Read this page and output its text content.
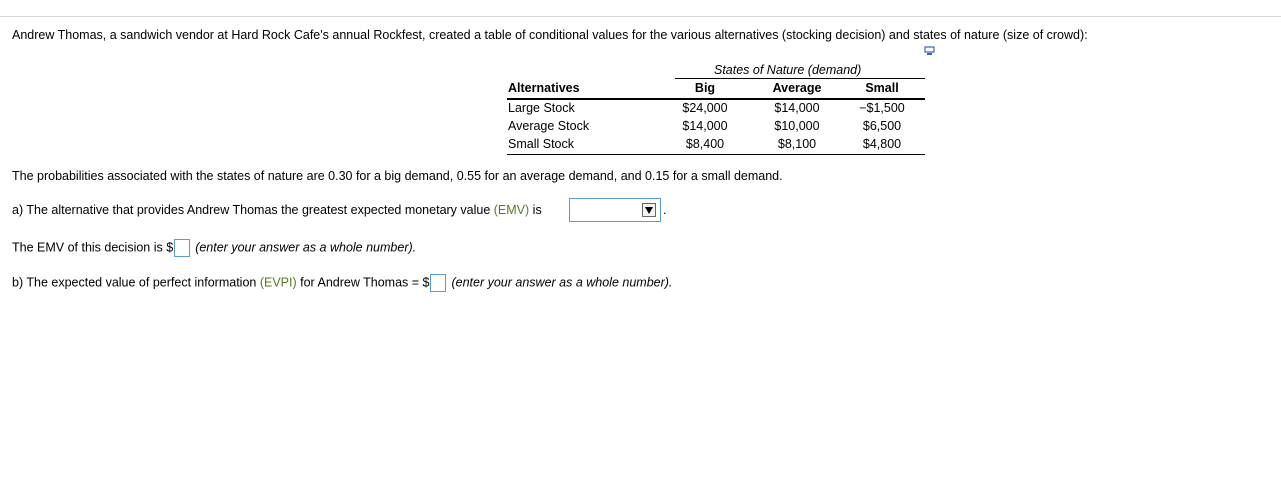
Andrew Thomas, a sandwich vendor at Hard Rock Cafe's annual Rockfest, created a table of conditional values for the various alternatives (stocking decision) and states of nature (size of crowd):
States of Nature (demand)
Alternatives	Big	Average	Small
Large Stock	$24,000	$14,000	−$1,500
Average Stock	$14,000	$10,000	$6,500
Small Stock	$8,400	$8,100	$4,800
The probabilities associated with the states of nature are 0.30 for a big demand, 0.55 for an average demand, and 0.15 for a small demand.
a) The alternative that provides Andrew Thomas the greatest expected monetary value (EMV) is	.
The EMV of this decision is $ (enter your answer as a whole number).
b) The expected value of perfect information (EVPI) for Andrew Thomas = $ (enter your answer as a whole number).
